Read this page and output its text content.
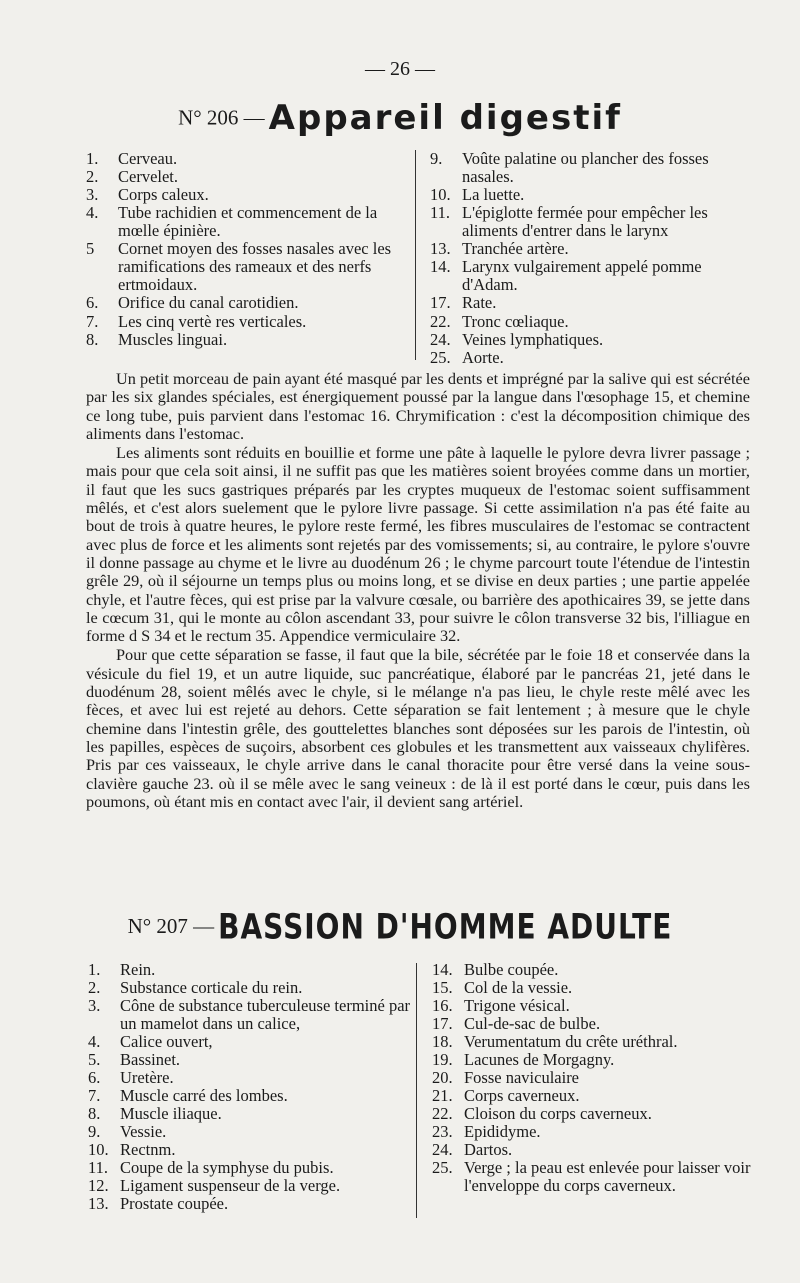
— 26 —
N° 206 — Appareil digestif
1.	Cerveau.
2.	Cervelet.
3.	Corps caleux.
4.	Tube rachidien et commencement de la mœlle épinière.
5	Cornet moyen des fosses nasales avec les ramifications des rameaux et des nerfs ertmoidaux.
6.	Orifice du canal carotidien.
7.	Les cinq vertè res verticales.
8.	Muscles linguai.
9.	Voûte palatine ou plancher des fosses nasales.
10. La luette.
11. L'épiglotte fermée pour empêcher les aliments d'entrer dans le larynx
13. Tranchée artère.
14. Larynx vulgairement appelé pomme d'Adam.
17. Rate.
22. Tronc cœliaque.
24. Veines lymphatiques.
25. Aorte.

Un petit morceau de pain ayant été masqué par les dents et imprégné par la salive qui est sécrétée par les six glandes spéciales, est énergiquement poussé par la langue dans l'œsophage 15, et chemine ce long tube, puis parvient dans l'estomac 16. Chrymification : c'est la décomposition chimique des aliments dans l'estomac.

Les aliments sont réduits en bouillie et forme une pâte à laquelle le pylore devra livrer passage ; mais pour que cela soit ainsi, il ne suffit pas que les matières soient broyées comme dans un mortier, il faut que les sucs gastriques préparés par les cryptes muqueux de l'estomac soient suffisamment mêlés, et c'est alors suelement que le pylore livre passage. Si cette assimilation n'a pas été faite au bout de trois à quatre heures, le pylore reste fermé, les fibres musculaires de l'estomac se contractent avec plus de force et les aliments sont rejetés par des vomissements; si, au contraire, le pylore s'ouvre il donne passage au chyme et le livre au duodénum 26 ; le chyme parcourt toute l'étendue de l'intestin grêle 29, où il séjourne un temps plus ou moins long, et se divise en deux parties ; une partie appelée chyle, et l'autre fèces, qui est prise par la valvure cœsale, ou barrière des apothicaires 39, se jette dans le cœcum 31, qui le monte au côlon ascendant 33, pour suivre le côlon transverse 32 bis, l'illiague en forme d S 34 et le rectum 35. Appendice vermiculaire 32.

Pour que cette séparation se fasse, il faut que la bile, sécrétée par le foie 18 et conservée dans la vésicule du fiel 19, et un autre liquide, suc pancréatique, élaboré par le pancréas 21, jeté dans le duodénum 28, soient mêlés avec le chyle, si le mélange n'a pas lieu, le chyle reste mêlé avec les fèces, et avec lui est rejeté au dehors. Cette séparation se fait lentement ; à mesure que le chyle chemine dans l'intestin grêle, des gouttelettes blanches sont déposées sur les parois de l'intestin, où les papilles, espèces de suçoirs, absorbent ces globules et les transmettent aux vaisseaux chylifères. Pris par ces vaisseaux, le chyle arrive dans le canal thoracite pour être versé dans la veine sous-clavière gauche 23. où il se mêle avec le sang veineux : de là il est porté dans le cœur, puis dans les poumons, où étant mis en contact avec l'air, il devient sang artériel.

N° 207 — BASSION D'HOMME ADULTE
1.	Rein.
2.	Substance corticale du rein.
3.	Cône de substance tuberculeuse terminé par un mamelot dans un calice,
4.	Calice ouvert,
5.	Bassinet.
6.	Uretère.
7.	Muscle carré des lombes.
8.	Muscle iliaque.
9.	Vessie.
10. Rectnm.
11. Coupe de la symphyse du pubis.
12. Ligament suspenseur de la verge.
13. Prostate coupée.
14. Bulbe coupée.
15. Col de la vessie.
16. Trigone vésical.
17. Cul-de-sac de bulbe.
18. Verumentatum du crête uréthral.
19. Lacunes de Morgagny.
20. Fosse naviculaire
21. Corps caverneux.
22. Cloison du corps caverneux.
23. Epididyme.
24. Dartos.
25. Verge ; la peau est enlevée pour laisser voir l'enveloppe du corps caverneux.
